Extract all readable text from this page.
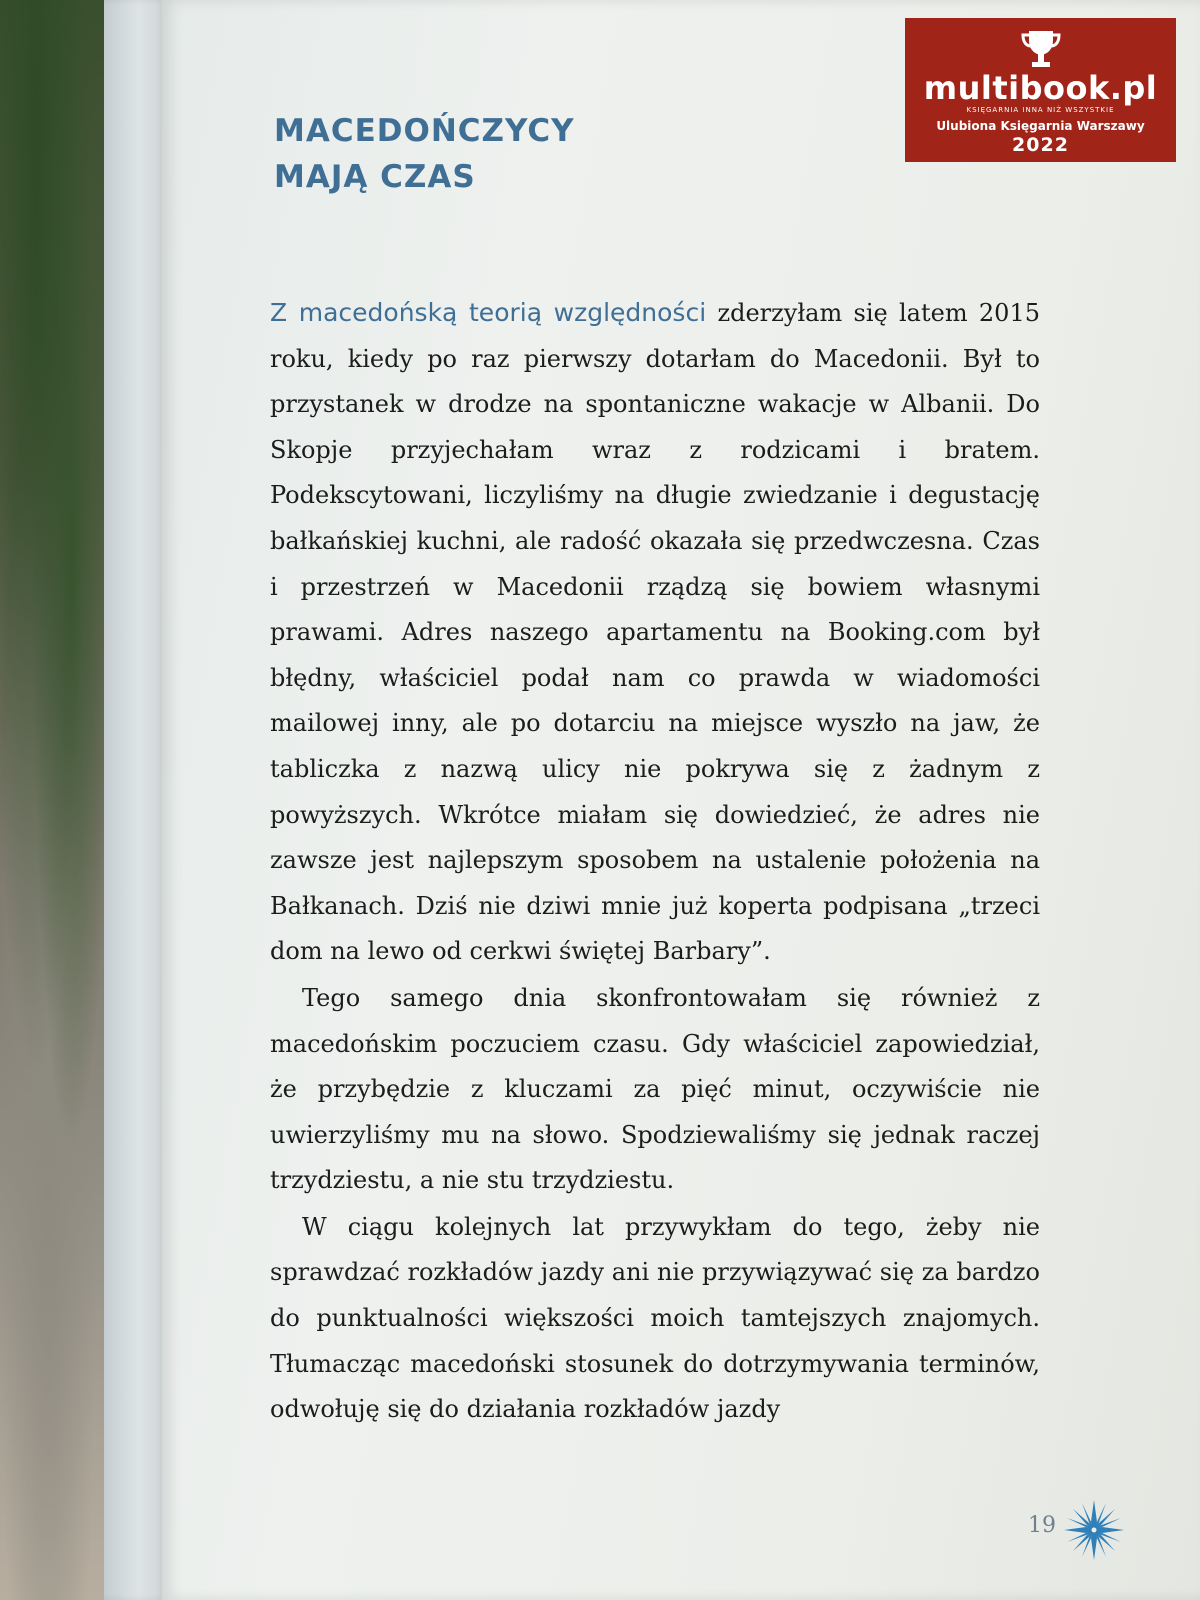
MACEDOŃCZYCY
MAJĄ CZAS

Z macedońską teorią względności zderzyłam się latem 2015 roku, kiedy po raz pierwszy dotarłam do Macedonii. Był to przystanek w drodze na spontaniczne wakacje w Albanii. Do Skopje przyjechałam wraz z rodzicami i bratem. Podekscytowani, liczyliśmy na długie zwiedzanie i degustację bałkańskiej kuchni, ale radość okazała się przedwczesna. Czas i przestrzeń w Macedonii rządzą się bowiem własnymi prawami. Adres naszego apartamentu na Booking.com był błędny, właściciel podał nam co prawda w wiadomości mailowej inny, ale po dotarciu na miejsce wyszło na jaw, że tabliczka z nazwą ulicy nie pokrywa się z żadnym z powyższych. Wkrótce miałam się dowiedzieć, że adres nie zawsze jest najlepszym sposobem na ustalenie położenia na Bałkanach. Dziś nie dziwi mnie już koperta podpisana „trzeci dom na lewo od cerkwi świętej Barbary”.

Tego samego dnia skonfrontowałam się również z macedońskim poczuciem czasu. Gdy właściciel zapowiedział, że przybędzie z kluczami za pięć minut, oczywiście nie uwierzyliśmy mu na słowo. Spodziewaliśmy się jednak raczej trzydziestu, a nie stu trzydziestu.

W ciągu kolejnych lat przywykłam do tego, żeby nie sprawdzać rozkładów jazdy ani nie przywiązywać się za bardzo do punktualności większości moich tamtejszych znajomych. Tłumacząc macedoński stosunek do dotrzymywania terminów, odwołuję się do działania rozkładów jazdy

19
multibook.pl
KSIĘGARNIA INNA NIŻ WSZYSTKIE
Ulubiona Księgarnia Warszawy
2022
